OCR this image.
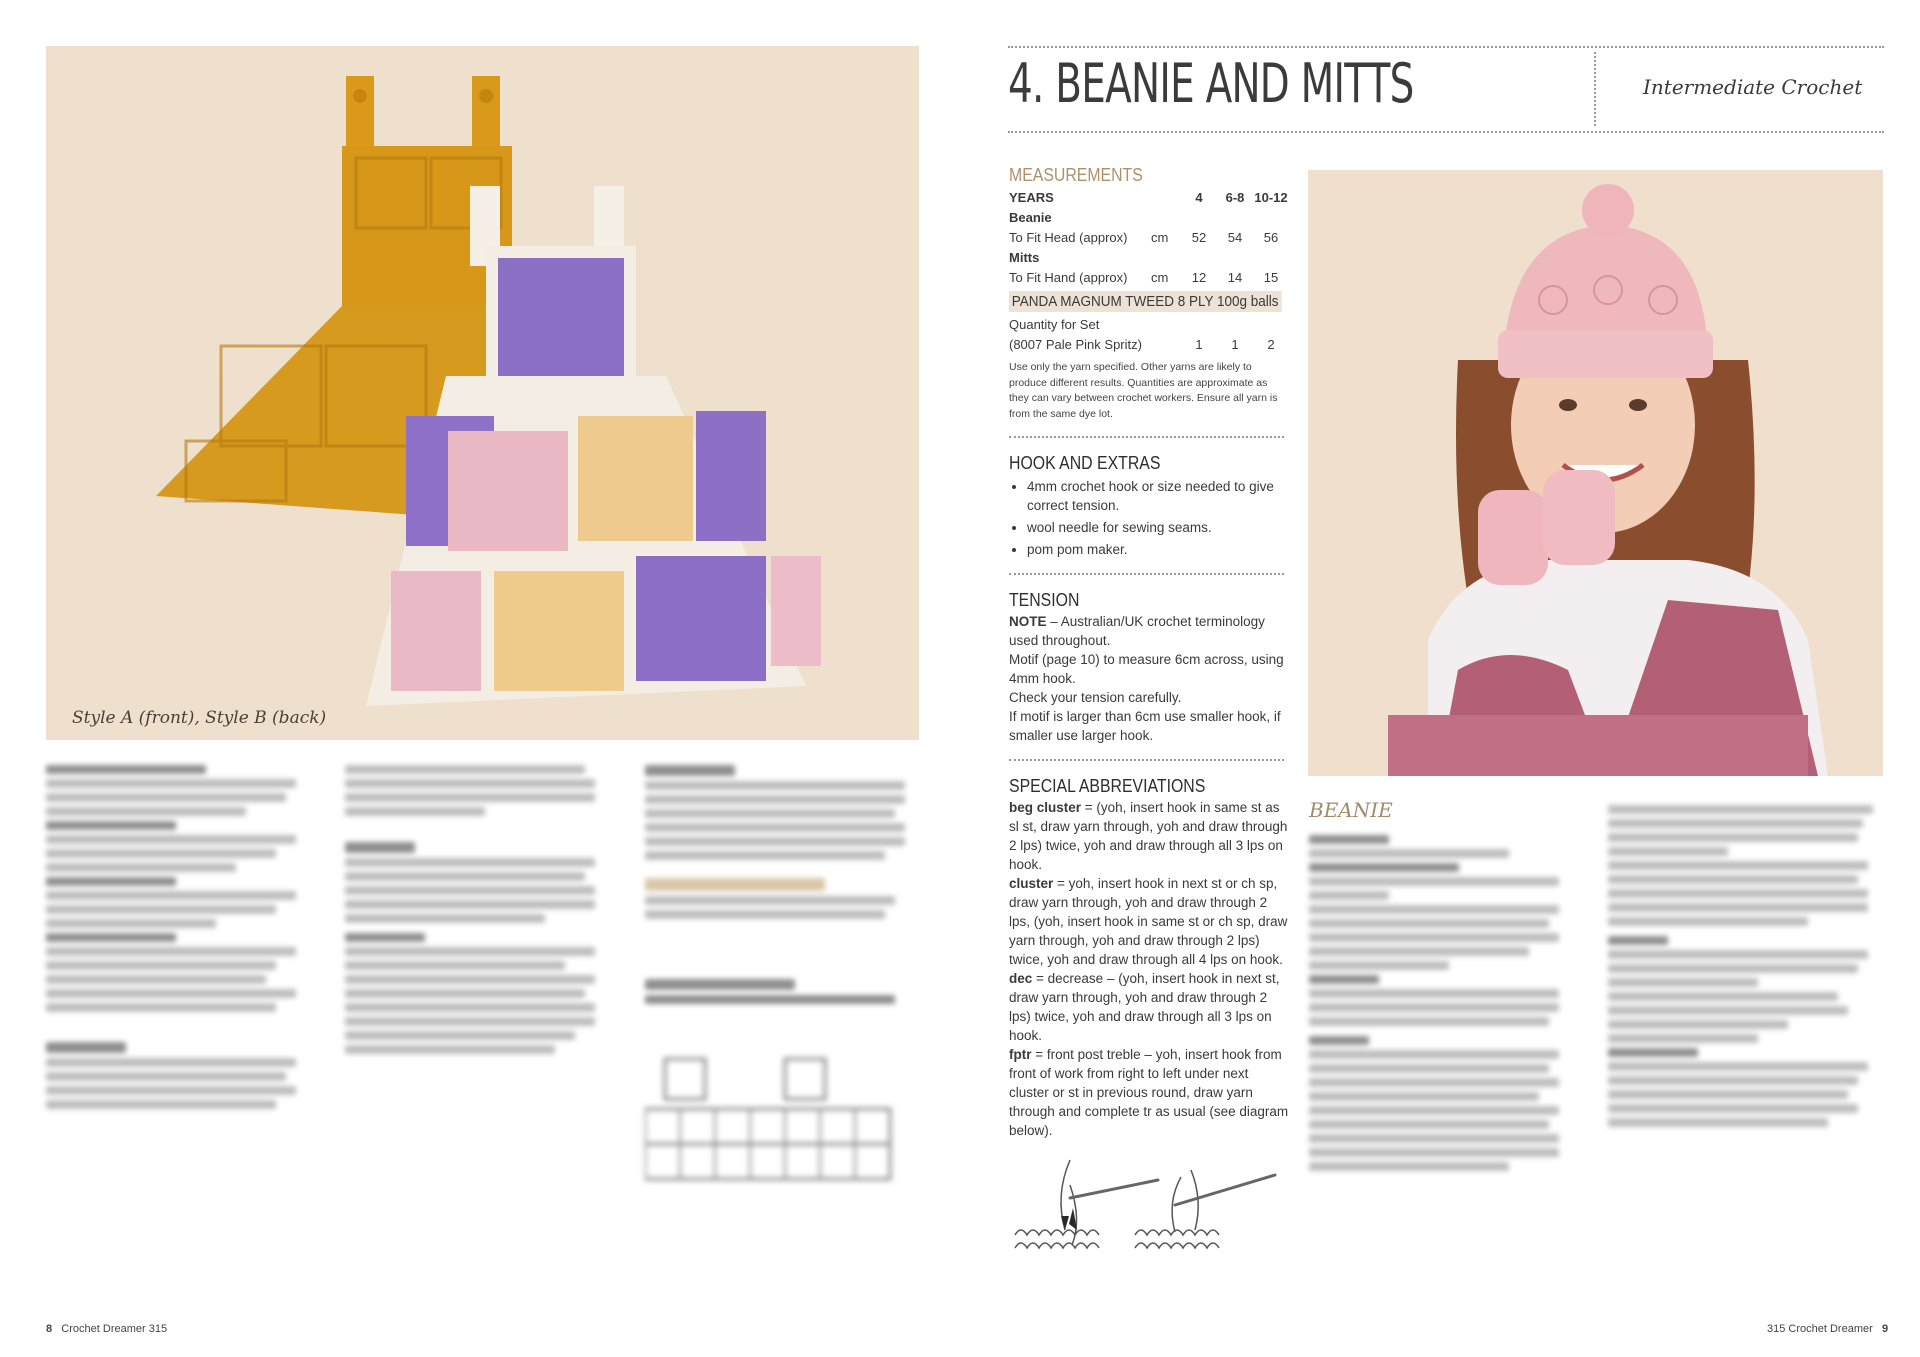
Style A (front), Style B (back)
8 Crochet Dreamer 315
4. BEANIE AND MITTS	Intermediate Crochet
MEASUREMENTS
YEARS		4	6-8	10-12
Beanie				
To Fit Head (approx)	cm	52	54	56
Mitts				
To Fit Hand (approx)	cm	12	14	15
PANDA MAGNUM TWEED 8 PLY 100g balls
Quantity for Set
(8007 Pale Pink Spritz)		1	1	2
Use only the yarn specified. Other yarns are likely to produce different results. Quantities are approximate as they can vary between crochet workers. Ensure all yarn is from the same dye lot.
HOOK AND EXTRAS
• 4mm crochet hook or size needed to give correct tension.
• wool needle for sewing seams.
• pom pom maker.
TENSION

NOTE – Australian/UK crochet terminology used throughout.

Motif (page 10) to measure 6cm across, using 4mm hook.

Check your tension carefully.

If motif is larger than 6cm use smaller hook, if smaller use larger hook.

SPECIAL ABBREVIATIONS

beg cluster = (yoh, insert hook in same st as sl st, draw yarn through, yoh and draw through 2 lps) twice, yoh and draw through all 3 lps on hook.

cluster = yoh, insert hook in next st or ch sp, draw yarn through, yoh and draw through 2 lps, (yoh, insert hook in same st or ch sp, draw yarn through, yoh and draw through 2 lps) twice, yoh and draw through all 4 lps on hook.

dec = decrease – (yoh, insert hook in next st, draw yarn through, yoh and draw through 2 lps) twice, yoh and draw through all 3 lps on hook.

fptr = front post treble – yoh, insert hook from front of work from right to left under next cluster or st in previous round, draw yarn through and complete tr as usual (see diagram below).

BEANIE
315 Crochet Dreamer 9
